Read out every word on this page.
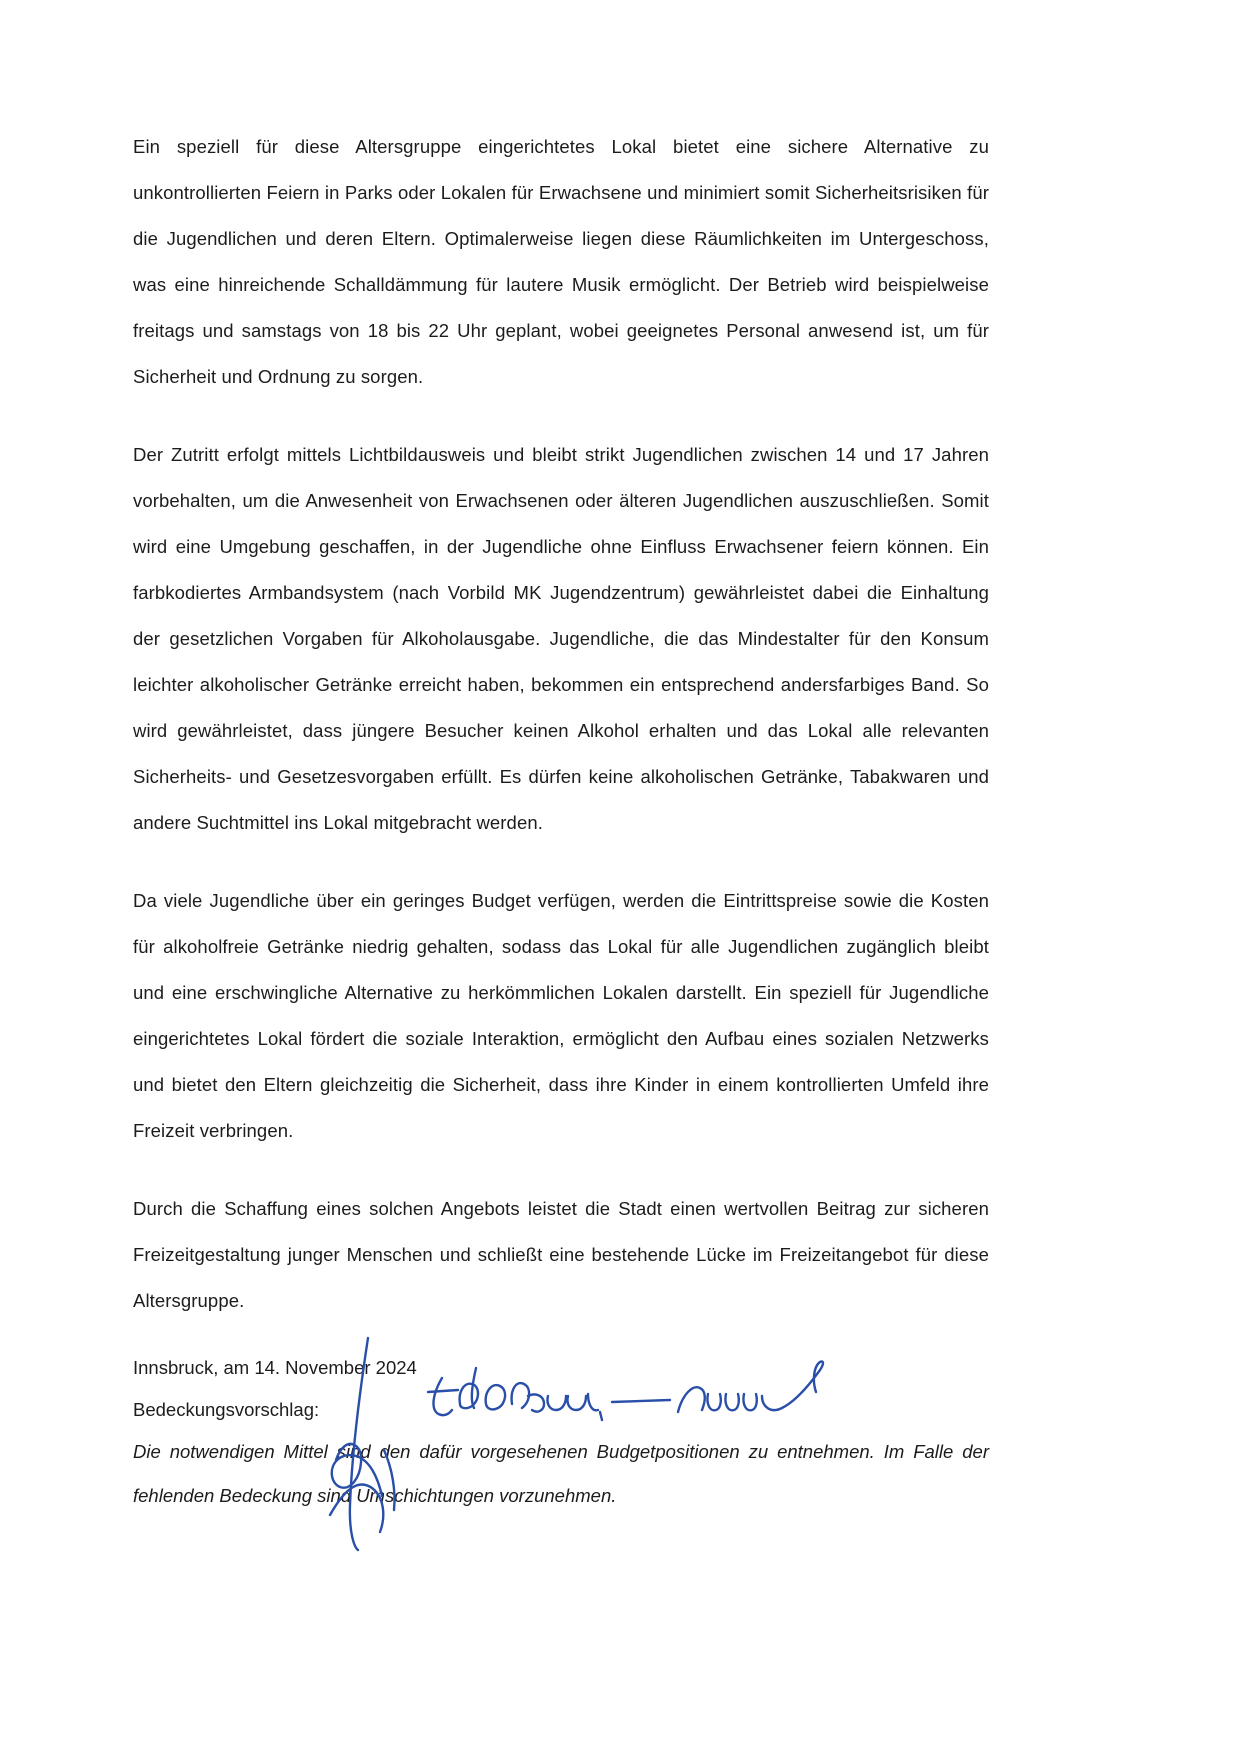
Ein speziell für diese Altersgruppe eingerichtetes Lokal bietet eine sichere Alternative zu unkontrollierten Feiern in Parks oder Lokalen für Erwachsene und minimiert somit Sicherheitsrisiken für die Jugendlichen und deren Eltern. Optimalerweise liegen diese Räumlichkeiten im Untergeschoss, was eine hinreichende Schalldämmung für lautere Musik ermöglicht. Der Betrieb wird beispielweise freitags und samstags von 18 bis 22 Uhr geplant, wobei geeignetes Personal anwesend ist, um für Sicherheit und Ordnung zu sorgen.

Der Zutritt erfolgt mittels Lichtbildausweis und bleibt strikt Jugendlichen zwischen 14 und 17 Jahren vorbehalten, um die Anwesenheit von Erwachsenen oder älteren Jugendlichen auszuschließen. Somit wird eine Umgebung geschaffen, in der Jugendliche ohne Einfluss Erwachsener feiern können. Ein farbkodiertes Armbandsystem (nach Vorbild MK Jugendzentrum) gewährleistet dabei die Einhaltung der gesetzlichen Vorgaben für Alkoholausgabe. Jugendliche, die das Mindestalter für den Konsum leichter alkoholischer Getränke erreicht haben, bekommen ein entsprechend andersfarbiges Band. So wird gewährleistet, dass jüngere Besucher keinen Alkohol erhalten und das Lokal alle relevanten Sicherheits- und Gesetzesvorgaben erfüllt. Es dürfen keine alkoholischen Getränke, Tabakwaren und andere Suchtmittel ins Lokal mitgebracht werden.

Da viele Jugendliche über ein geringes Budget verfügen, werden die Eintrittspreise sowie die Kosten für alkoholfreie Getränke niedrig gehalten, sodass das Lokal für alle Jugendlichen zugänglich bleibt und eine erschwingliche Alternative zu herkömmlichen Lokalen darstellt. Ein speziell für Jugendliche eingerichtetes Lokal fördert die soziale Interaktion, ermöglicht den Aufbau eines sozialen Netzwerks und bietet den Eltern gleichzeitig die Sicherheit, dass ihre Kinder in einem kontrollierten Umfeld ihre Freizeit verbringen.

Durch die Schaffung eines solchen Angebots leistet die Stadt einen wertvollen Beitrag zur sicheren Freizeitgestaltung junger Menschen und schließt eine bestehende Lücke im Freizeitangebot für diese Altersgruppe.

Bedeckungsvorschlag:

Die notwendigen Mittel sind den dafür vorgesehenen Budgetpositionen zu entnehmen. Im Falle der fehlenden Bedeckung sind Umschichtungen vorzunehmen.

Innsbruck, am 14. November 2024
